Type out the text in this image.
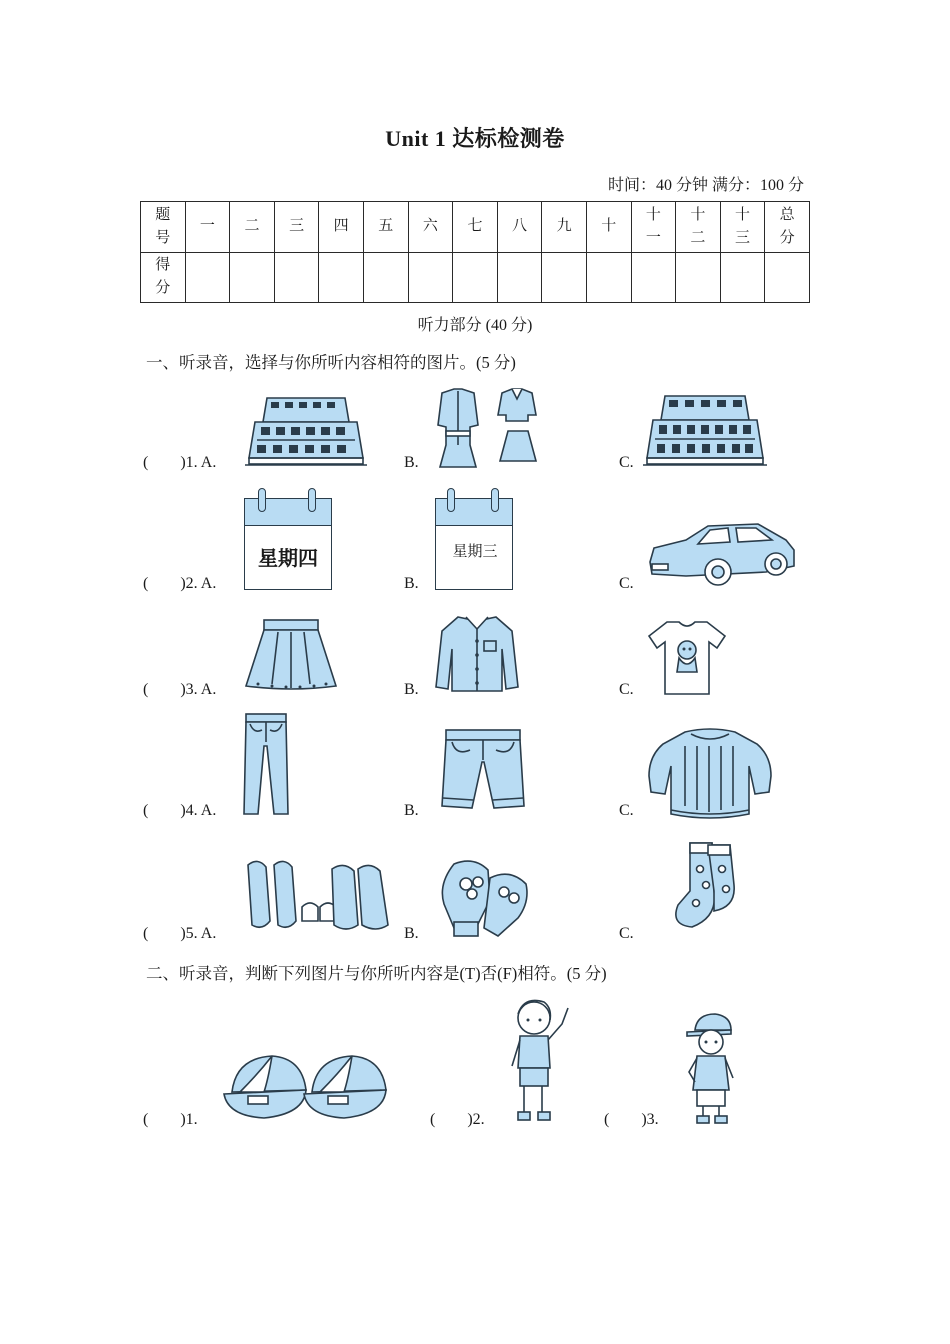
Unit 1 达标检测卷
时间：40 分钟 满分：100 分
题号	一	二	三	四	五	六	七	八	九	十	十一	十二	十三	总分
得分														
听力部分 (40 分)
一、听录音，选择与你所听内容相符的图片。(5 分)
(        )1. A.	B.	C.
(        )2. A.	B.	C.
星期四	星期三
(        )3. A.	B.	C.
(        )4. A.	B.	C.
(        )5. A.	B.	C.
二、听录音，判断下列图片与你所听内容是(T)否(F)相符。(5 分)
(        )1.	(        )2.	(        )3.
